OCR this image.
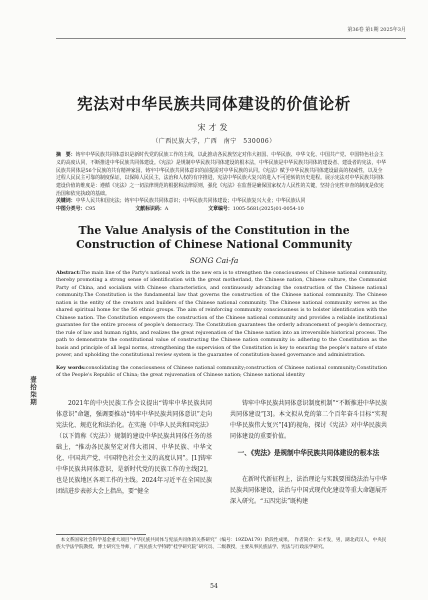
第36卷 第1期 2025年3月
宪法对中华民族共同体建设的价值论析
宋才发
（广西民族大学，广西　南宁　530006）
摘　要：铸牢中华民族共同体意识是新时代党的民族工作的主线，以此推动各民族坚定对伟大祖国、中华民族、中华文化、中国共产党、中国特色社会主义的高度认同，不断推进中华民族共同体建设。《宪法》是规制中华民族共同体建设的根本法，中华民族是中华民族共同体的建设者、建设者的宪法，中华民族共同体是56个民族的共有精神家园，铸牢中华民族共同体意识的前提需对中华民族的认同。《宪法》赋予中华民族共同体建设最高的权威性，以及全过程人民民主可靠的制度保证，以保障人民民主，法治和人权的有序推进，宪法中华民族大复兴的进入不可逆转的历史进程。展示宪法对中华民族共同体建设价值的维度是：遵循《宪法》之一切法律规范的根据和法律原则，强化《宪法》在监督是确保国家权力人民性的关键，坚持合宪性审查的制度是依宪治国和依宪执政的基础。
关键词：中华人民共和国宪法；铸牢中华民族共同体意识；中华民族共同体建设；中华民族复兴大业；中华民族认同
中图分类号：C95	文献标识码：A	文章编号：1005-5681(2025)01-0054-10
The Value Analysis of the Constitution in the Construction of Chinese National Community
SONG Cai-fa
Abstract:The main line of the Party's national work in the new era is to strengthen the consciousness of Chinese national community, thereby promoting a strong sense of identification with the great motherland, the Chinese nation, Chinese culture, the Communist Party of China, and socialism with Chinese characteristics, and continuously advancing the construction of the Chinese national community.The Constitution is the fundamental law that governs the construction of the Chinese national community. The Chinese nation is the entity of the creators and builders of the Chinese national community. The Chinese national community serves as the shared spiritual home for the 56 ethnic groups. The aim of reinforcing community consciousness is to bolster identification with the Chinese nation. The Constitution empowers the construction of the Chinese national community and provides a reliable institutional guarantee for the entire process of people's democracy. The Constitution guarantees the orderly advancement of people's democracy, the rule of law and human rights, and realizes the great rejuvenation of the Chinese nation into an irreversible historical process. The path to demonstrate the constitutional value of constructing the Chinese nation community is: adhering to the Constitution as the basis and principle of all legal norms, strengthening the supervision of the Constitution is key to ensuring the people's nature of state power, and upholding the constitutional review system is the guarantee of constitution-based governance and administration.
Key words:consolidating the consciousness of Chinese national community;construction of Chinese national community;Constitution of the People's Republic of China; the great rejuvenation of Chinese nation; Chinese national identity
壹拾柒期	2021年的中央民族工作会议提出“铸牢中华民族共同体意识”命题，强调要推动“铸牢中华民族共同体意识”走向宪法化、规范化和法治化。在实施《中华人民共和国宪法》（以下简称《宪法》）规制的建设中华民族共同体任务的基础上，“推动各民族坚定对伟大祖国、中华民族、中华文化、中国共产党、中国特色社会主义的高度认同”。[1]铸牢中华民族共同体意识，是新时代党的民族工作的主线[2]，也是民族地区各项工作的主线。2024年习近平在全国民族团结进步表彰大会上指出，要“健全
铸牢中华民族共同体意识制度机制”“不断推进中华民族共同体建设”[3]。本文拟从党的第二个百年奋斗目标“实现中华民族伟大复兴”[4]的视角，探讨《宪法》对中华民族共同体建设的重要价值。
一、《宪法》是规制中华民族共同体建设的根本法
在新时代新征程上，法治理论与实践要围绕法治与中华民族共同体建设，法治与中国式现代化建设等重大命题展开深入研究。“五四宪法”既构建
本文系国家社会科学基金重大项目“中华民族共同体与宪法共同体的关系研究”（编号：19ZDA179）阶段性成果。　作者简介：宋才发，男，湖北武汉人，中央民族大学法学院教授、博士研究生导师，广西民族大学特聘“桂学研究院”研究员、二级教授，主要从事民族法学、宪法与行政法学研究。
54
